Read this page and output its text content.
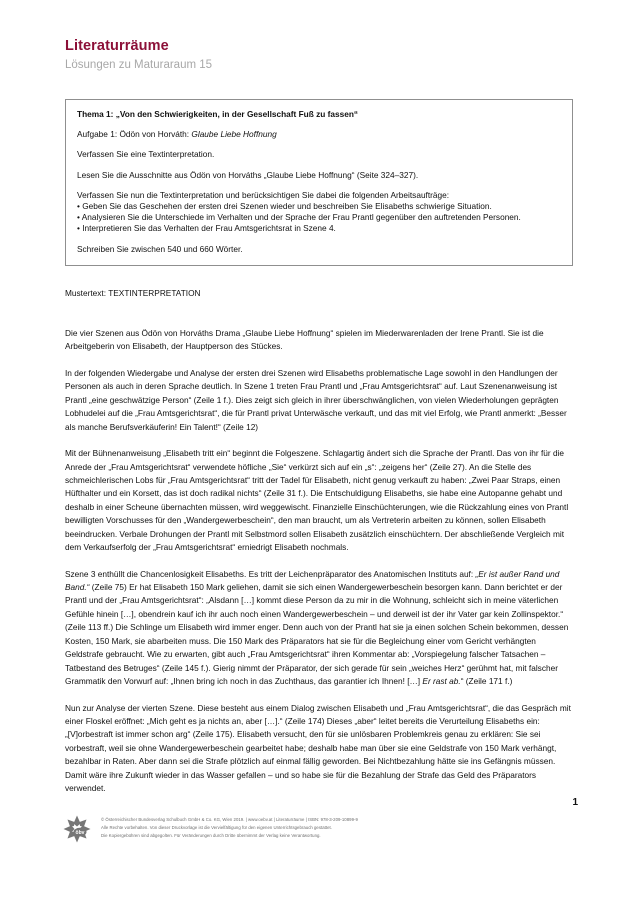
Literaturräume
Lösungen zu Maturaraum 15

Thema 1: „Von den Schwierigkeiten, in der Gesellschaft Fuß zu fassen“

Aufgabe 1: Ödön von Horváth: Glaube Liebe Hoffnung

Verfassen Sie eine Textinterpretation.

Lesen Sie die Ausschnitte aus Ödön von Horváths „Glaube Liebe Hoffnung“ (Seite 324–327).

Verfassen Sie nun die Textinterpretation und berücksichtigen Sie dabei die folgenden Arbeitsaufträge:

• Geben Sie das Geschehen der ersten drei Szenen wieder und beschreiben Sie Elisabeths schwierige Situation.

• Analysieren Sie die Unterschiede im Verhalten und der Sprache der Frau Prantl gegenüber den auftretenden Personen.

• Interpretieren Sie das Verhalten der Frau Amtsgerichtsrat in Szene 4.

Schreiben Sie zwischen 540 und 660 Wörter.

Mustertext: TEXTINTERPRETATION

Die vier Szenen aus Ödön von Horváths Drama „Glaube Liebe Hoffnung“ spielen im Miederwarenladen der Irene Prantl. Sie ist die Arbeitgeberin von Elisabeth, der Hauptperson des Stückes.

In der folgenden Wiedergabe und Analyse der ersten drei Szenen wird Elisabeths problematische Lage sowohl in den Handlungen der Personen als auch in deren Sprache deutlich. In Szene 1 treten Frau Prantl und „Frau Amtsgerichtsrat“ auf. Laut Szenenanweisung ist Prantl „eine geschwätzige Person“ (Zeile 1 f.). Dies zeigt sich gleich in ihrer überschwänglichen, von vielen Wiederholungen geprägten Lobhudelei auf die „Frau Amtsgerichtsrat“, die für Prantl privat Unterwäsche verkauft, und das mit viel Erfolg, wie Prantl anmerkt: „Besser als manche Berufsverkäuferin! Ein Talent!“ (Zeile 12)

Mit der Bühnenanweisung „Elisabeth tritt ein“ beginnt die Folgeszene. Schlagartig ändert sich die Sprache der Prantl. Das von ihr für die Anrede der „Frau Amtsgerichtsrat“ verwendete höfliche „Sie“ verkürzt sich auf ein „s“: „zeigens her“ (Zeile 27). An die Stelle des schmeichlerischen Lobs für „Frau Amtsgerichtsrat“ tritt der Tadel für Elisabeth, nicht genug verkauft zu haben: „Zwei Paar Straps, einen Hüfthalter und ein Korsett, das ist doch radikal nichts“ (Zeile 31 f.). Die Entschuldigung Elisabeths, sie habe eine Autopanne gehabt und deshalb in einer Scheune übernachten müssen, wird weggewischt. Finanzielle Einschüchterungen, wie die Rückzahlung eines von Prantl bewilligten Vorschusses für den „Wandergewerbeschein“, den man braucht, um als Vertreterin arbeiten zu können, sollen Elisabeth beeindrucken. Verbale Drohungen der Prantl mit Selbstmord sollen Elisabeth zusätzlich einschüchtern. Der abschließende Vergleich mit dem Verkaufserfolg der „Frau Amtsgerichtsrat“ erniedrigt Elisabeth nochmals.

Szene 3 enthüllt die Chancenlosigkeit Elisabeths. Es tritt der Leichenpräparator des Anatomischen Instituts auf: „Er ist außer Rand und Band.“ (Zeile 75) Er hat Elisabeth 150 Mark geliehen, damit sie sich einen Wandergewerbeschein besorgen kann. Dann berichtet er der Prantl und der „Frau Amtsgerichtsrat“: „Alsdann […] kommt diese Person da zu mir in die Wohnung, schleicht sich in meine väterlichen Gefühle hinein […], obendrein kauf ich ihr auch noch einen Wandergewerbeschein – und derweil ist der ihr Vater gar kein Zollinspektor.“ (Zeile 113 ff.) Die Schlinge um Elisabeth wird immer enger. Denn auch von der Prantl hat sie ja einen solchen Schein bekommen, dessen Kosten, 150 Mark, sie abarbeiten muss. Die 150 Mark des Präparators hat sie für die Begleichung einer vom Gericht verhängten Geldstrafe gebraucht. Wie zu erwarten, gibt auch „Frau Amtsgerichtsrat“ ihren Kommentar ab: „Vorspiegelung falscher Tatsachen – Tatbestand des Betruges“ (Zeile 145 f.). Gierig nimmt der Präparator, der sich gerade für sein „weiches Herz“ gerühmt hat, mit falscher Grammatik den Vorwurf auf: „Ihnen bring ich noch in das Zuchthaus, das garantier ich Ihnen! […] Er rast ab.“ (Zeile 171 f.)

Nun zur Analyse der vierten Szene. Diese besteht aus einem Dialog zwischen Elisabeth und „Frau Amtsgerichtsrat“, die das Gespräch mit einer Floskel eröffnet: „Mich geht es ja nichts an, aber […].“ (Zeile 174) Dieses „aber“ leitet bereits die Verurteilung Elisabeths ein: „[V]orbestraft ist immer schon arg“ (Zeile 175). Elisabeth versucht, den für sie unlösbaren Problemkreis genau zu erklären: Sie sei vorbestraft, weil sie ohne Wandergewerbeschein gearbeitet habe; deshalb habe man über sie eine Geldstrafe von 150 Mark verhängt, bezahlbar in Raten. Aber dann sei die Strafe plötzlich auf einmal fällig geworden. Bei Nichtbezahlung hätte sie ins Gefängnis müssen. Damit wäre ihre Zukunft wieder in das Wasser gefallen – und so habe sie für die Bezahlung der Strafe das Geld des Präparators verwendet.

1
öbv

© Österreichischer Bundesverlag Schulbuch GmbH & Co. KG, Wien 2019. | www.oebv.at | Literaturräume | ISBN: 978-3-209-10899-9

Alle Rechte vorbehalten. Von dieser Druckvorlage ist die Vervielfältigung für den eigenen Unterrichtsgebrauch gestattet.

Die Kopiergebühren sind abgegolten. Für Veränderungen durch Dritte übernimmt der Verlag keine Verantwortung.
